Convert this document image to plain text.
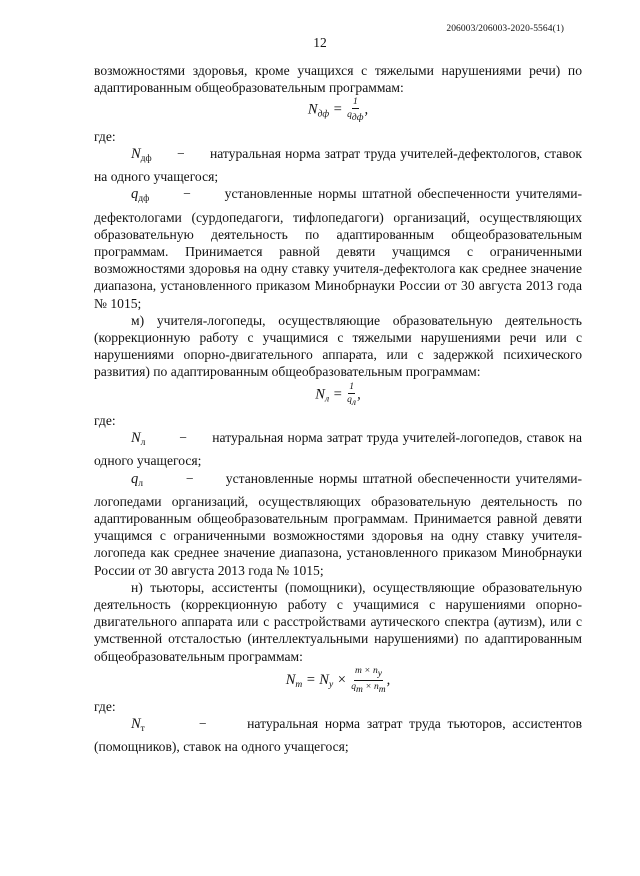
206003/206003-2020-5564(1)
12

возможностями здоровья, кроме учащихся с тяжелыми нарушениями речи) по адаптированным общеобразовательным программам:

$N_{дф} = \frac{1}{\text{qдф}}$ ,

где:

$N_{дф}$ − натуральная норма затрат труда учителей-дефектологов, ставок на одного учащегося;

$q_{дф}$ − установленные нормы штатной обеспеченности учителями-дефектологами (сурдопедагоги, тифлопедагоги) организаций, осуществляющих образовательную деятельность по адаптированным общеобразовательным программам. Принимается равной девяти учащимся с ограниченными возможностями здоровья на одну ставку учителя-дефектолога как среднее значение диапазона, установленного приказом Минобрнауки России от 30 августа 2013 года № 1015;

м) учителя-логопеды, осуществляющие образовательную деятельность (коррекционную работу с учащимися с тяжелыми нарушениями речи или с нарушениями опорно-двигательного аппарата, или с задержкой психического развития) по адаптированным общеобразовательным программам:

$N_л = \frac{1}{qл}$ ,

где:

$N_л$ − натуральная норма затрат труда учителей-логопедов, ставок на одного учащегося;

$q_л$	− установленные нормы штатной обеспеченности учителями-логопедами организаций, осуществляющих образовательную деятельность по адаптированным общеобразовательным программам. Принимается равной девяти учащимся с ограниченными возможностями здоровья на одну ставку учителя-логопеда как среднее значение диапазона, установленного приказом Минобрнауки России от 30 августа 2013 года № 1015;

н) тьюторы, ассистенты (помощники), осуществляющие образовательную деятельность (коррекционную работу с учащимися с нарушениями опорно-двигательного аппарата или с расстройствами аутического спектра (аутизм), или с умственной отсталостью (интеллектуальными нарушениями) по адаптированным общеобразовательным программам:

$N_т = N_у \times \frac{m \times nу}{qт \times nт}$ ,

где:

$N_т$	−	натуральная норма затрат труда тьюторов, ассистентов (помощников), ставок на одного учащегося;
